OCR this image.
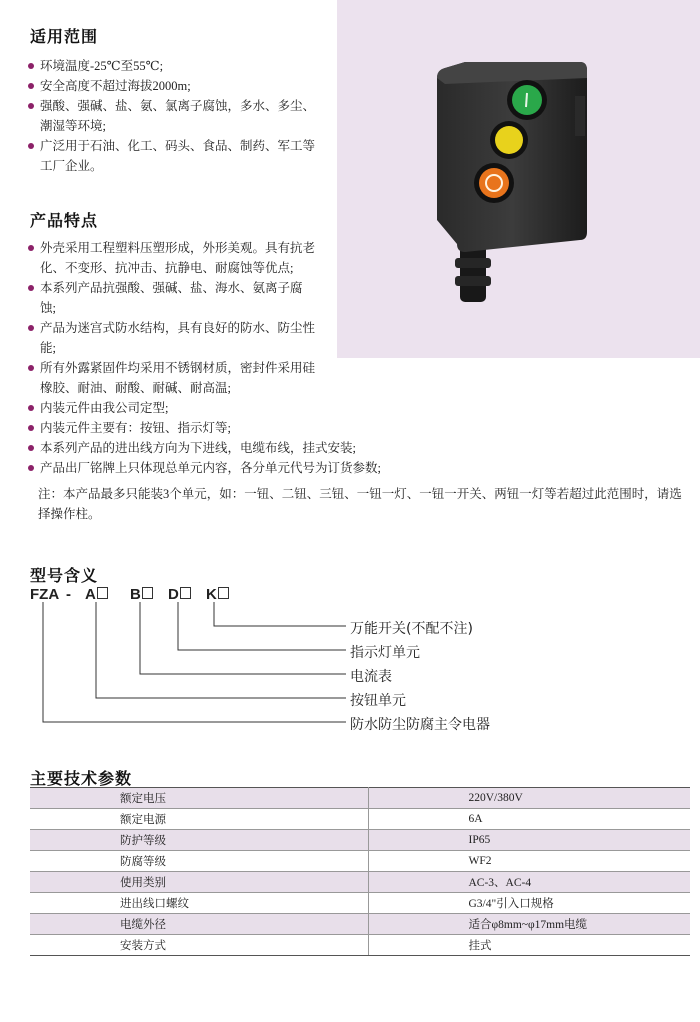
适用范围
环境温度-25℃至55℃;
安全高度不超过海拔2000m;
强酸、强碱、盐、氨、氯离子腐蚀，多水、多尘、潮湿等环境;
广泛用于石油、化工、码头、食品、制药、军工等工厂企业。
产品特点
外壳采用工程塑料压塑形成，外形美观。具有抗老化、不变形、抗冲击、抗静电、耐腐蚀等优点;
本系列产品抗强酸、强碱、盐、海水、氨离子腐蚀;
产品为迷宫式防水结构，具有良好的防水、防尘性能;
所有外露紧固件均采用不锈钢材质，密封件采用硅橡胶、耐油、耐酸、耐碱、耐高温;
内装元件由我公司定型;
内装元件主要有：按钮、指示灯等;
本系列产品的进出线方向为下进线，电缆布线，挂式安装;
产品出厂铭牌上只体现总单元内容，各分单元代号为订货参数;
注：本产品最多只能装3个单元，如：一钮、二钮、三钮、一钮一灯、一钮一开关、两钮一灯等若超过此范围时，请选择操作柱。
型号含义
FZA - A	B	D	K
万能开关(不配不注)
指示灯单元
电流表
按钮单元
防水防尘防腐主令电器
主要技术参数
额定电压	220V/380V
额定电源	6A
防护等级	IP65
防腐等级	WF2
使用类别	AC-3、AC-4
进出线口螺纹	G3/4"引入口规格
电缆外径	适合φ8mm~φ17mm电缆
安装方式	挂式
